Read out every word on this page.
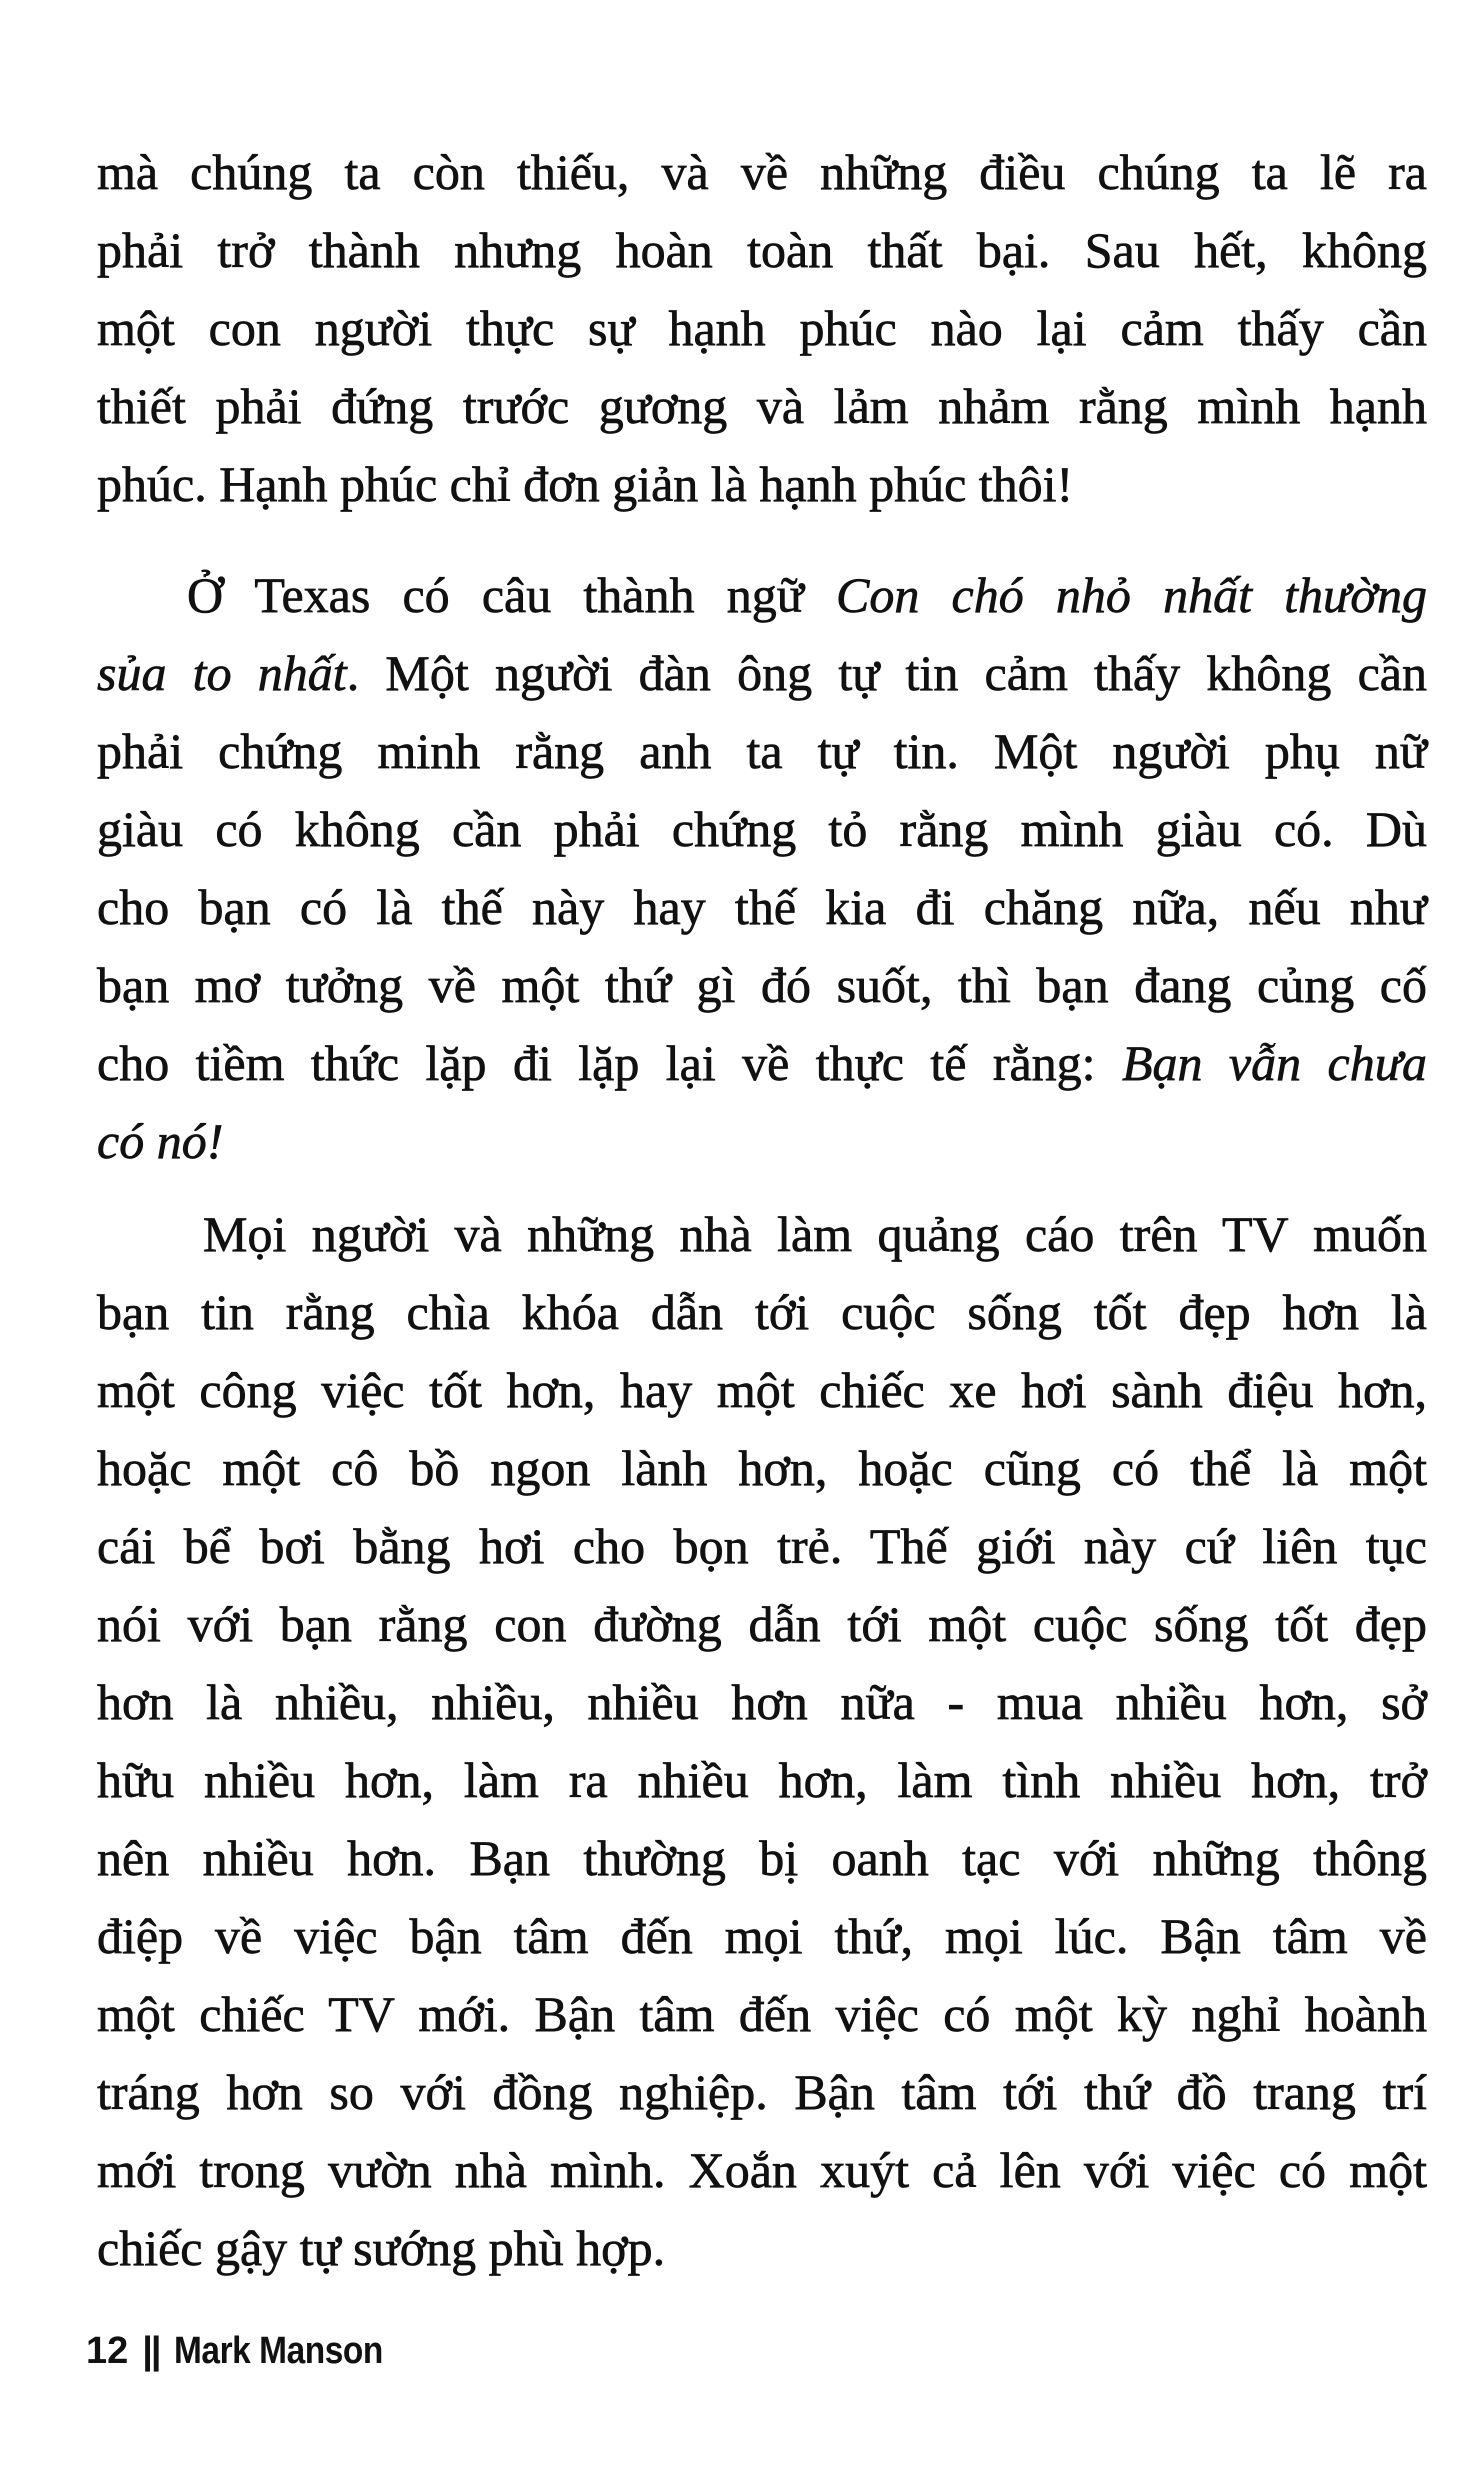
mà chúng ta còn thiếu, và về những điều chúng ta lẽ ra
phải trở thành nhưng hoàn toàn thất bại. Sau hết, không
một con người thực sự hạnh phúc nào lại cảm thấy cần
thiết phải đứng trước gương và lảm nhảm rằng mình hạnh
phúc. Hạnh phúc chỉ đơn giản là hạnh phúc thôi!
Ở Texas có câu thành ngữ Con chó nhỏ nhất thường
sủa to nhất. Một người đàn ông tự tin cảm thấy không cần
phải chứng minh rằng anh ta tự tin. Một người phụ nữ
giàu có không cần phải chứng tỏ rằng mình giàu có. Dù
cho bạn có là thế này hay thế kia đi chăng nữa, nếu như
bạn mơ tưởng về một thứ gì đó suốt, thì bạn đang củng cố
cho tiềm thức lặp đi lặp lại về thực tế rằng: Bạn vẫn chưa
có nó!
Mọi người và những nhà làm quảng cáo trên TV muốn
bạn tin rằng chìa khóa dẫn tới cuộc sống tốt đẹp hơn là
một công việc tốt hơn, hay một chiếc xe hơi sành điệu hơn,
hoặc một cô bồ ngon lành hơn, hoặc cũng có thể là một
cái bể bơi bằng hơi cho bọn trẻ. Thế giới này cứ liên tục
nói với bạn rằng con đường dẫn tới một cuộc sống tốt đẹp
hơn là nhiều, nhiều, nhiều hơn nữa - mua nhiều hơn, sở
hữu nhiều hơn, làm ra nhiều hơn, làm tình nhiều hơn, trở
nên nhiều hơn. Bạn thường bị oanh tạc với những thông
điệp về việc bận tâm đến mọi thứ, mọi lúc. Bận tâm về
một chiếc TV mới. Bận tâm đến việc có một kỳ nghỉ hoành
tráng hơn so với đồng nghiệp. Bận tâm tới thứ đồ trang trí
mới trong vườn nhà mình. Xoắn xuýt cả lên với việc có một
chiếc gậy tự sướng phù hợp.
12 || Mark Manson
